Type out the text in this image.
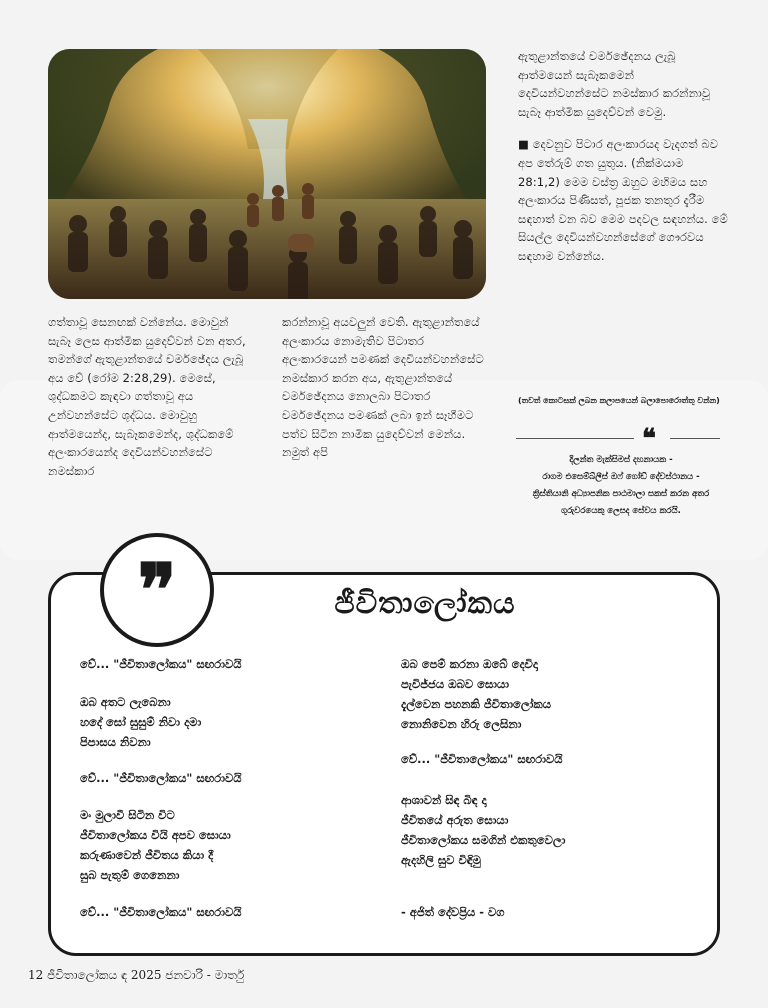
ගත්තාවූ සෙනඟක් වන්නේය. මොවුන් සැබෑ ලෙස ආත්මික යුදෙව්වන් වන අතර, තමන්ගේ ඇතුළාන්තයේ චර්මඡේදය ලැබූ අය වේ (රෝම 2:28,29). මෙසේ, ශුද්ධකමට කැඳවා ගත්තාවූ අය උන්වහන්සේට ශුද්ධය. මොවුහු ආත්මයෙන්ද, සැබෑකමෙන්ද, ශුද්ධකමේ අලංකාරයෙන්ද දෙවියන්වහන්සේට නමස්කාර

කරන්නාවූ අයවලුන් වෙති. ඇතුළාන්තයේ අලංකාරය නොමැතිව පිටාතර අලංකාරයෙන් පමණක් දෙවියන්වහන්සේට නමස්කාර කරන අය, ඇතුළාන්තයේ චර්මඡේදනය නොලබා පිටාතර චර්මඡේදනය පමණක් ලබා ඉන් සෑහීමට පත්ව සිටින නාමික යුදෙව්වන් මෙන්ය. නමුත් අපි

ඇතුළාන්තයේ චර්මඡේදනය ලැබූ ආත්මයෙන් සැබෑකමෙන් දෙවියන්වහන්සේට නමස්කාර කරන්නාවූ සැබෑ ආත්මික යුදෙව්වන් වෙමු.

■ දෙවනුව පිටාර අලංකාරයද වැදගත් බව අප තේරුම් ගත යුතුය. (නික්මයාම 28:1,2) මෙම වස්ත්‍ර ඔහුට මහිමය සහ අලංකාරය පිණිසත්, පූජක තනතුර දැරීම සඳහාත් වන බව මෙම පදවල සඳහන්ය. මේ සියල්ල දෙවියන්වහන්සේගේ ගෞරවය සඳහාම වන්නේය.

(තවත් කොටසක් ලබන කලාපයෙන් බලාපොරොත්තු වන්න)
❝
දිලන්ත මැක්සිමස් දහනායක -
රාගම එසෙම්බ්ලීස් ඔෆ් ගෝඩ් දේවස්ථානය -
ක්‍රිස්තියානි අධ්‍යාපනික පාඨමාලා සකස් කරන අතර
ගුරුවරයෙකු ලෙසද සේවය කරයි.
❞	ජීවිතාලෝකය
වේ... "ජීවිතාලෝකය" සඟරාවයි
ඔබ අතට ලැබෙනා
හදේ සෝ සුසුම් නිවා දමා
පිපාසය නිවනා
වේ... "ජීවිතාලෝකය" සඟරාවයි
මං මුලාවී සිටින විට
ජීවිතාලෝකය වියි අපව සොයා
කරුණාවෙන් ජීවිතය කියා දී
සුබ පැතුම් ගෙනෙනා
වේ... "ජීවිතාලෝකය" සඟරාවයි
ඔබ පෙම් කරනා ඔබේ දෙවිදා
පැවිජ්ජය ඔබව සොයා
දැල්වෙන පහනකි ජීවිතාලෝකය
නොනිවෙන හිරු ලෙසිනා
වේ... "ජීවිතාලෝකය" සඟරාවයි
ආශාවන් සිඳ බිඳ දා
ජීවිතයේ අරුත සොයා
ජීවිතාලෝකය සමගින් එකතුවෙලා
ඇදහිලි සුව විඳිමු
- අජිත් දේවප්‍රිය - වග
12 ජීවිතාලෝකය ඳ 2025 ජනවාරි - මාර්තු
